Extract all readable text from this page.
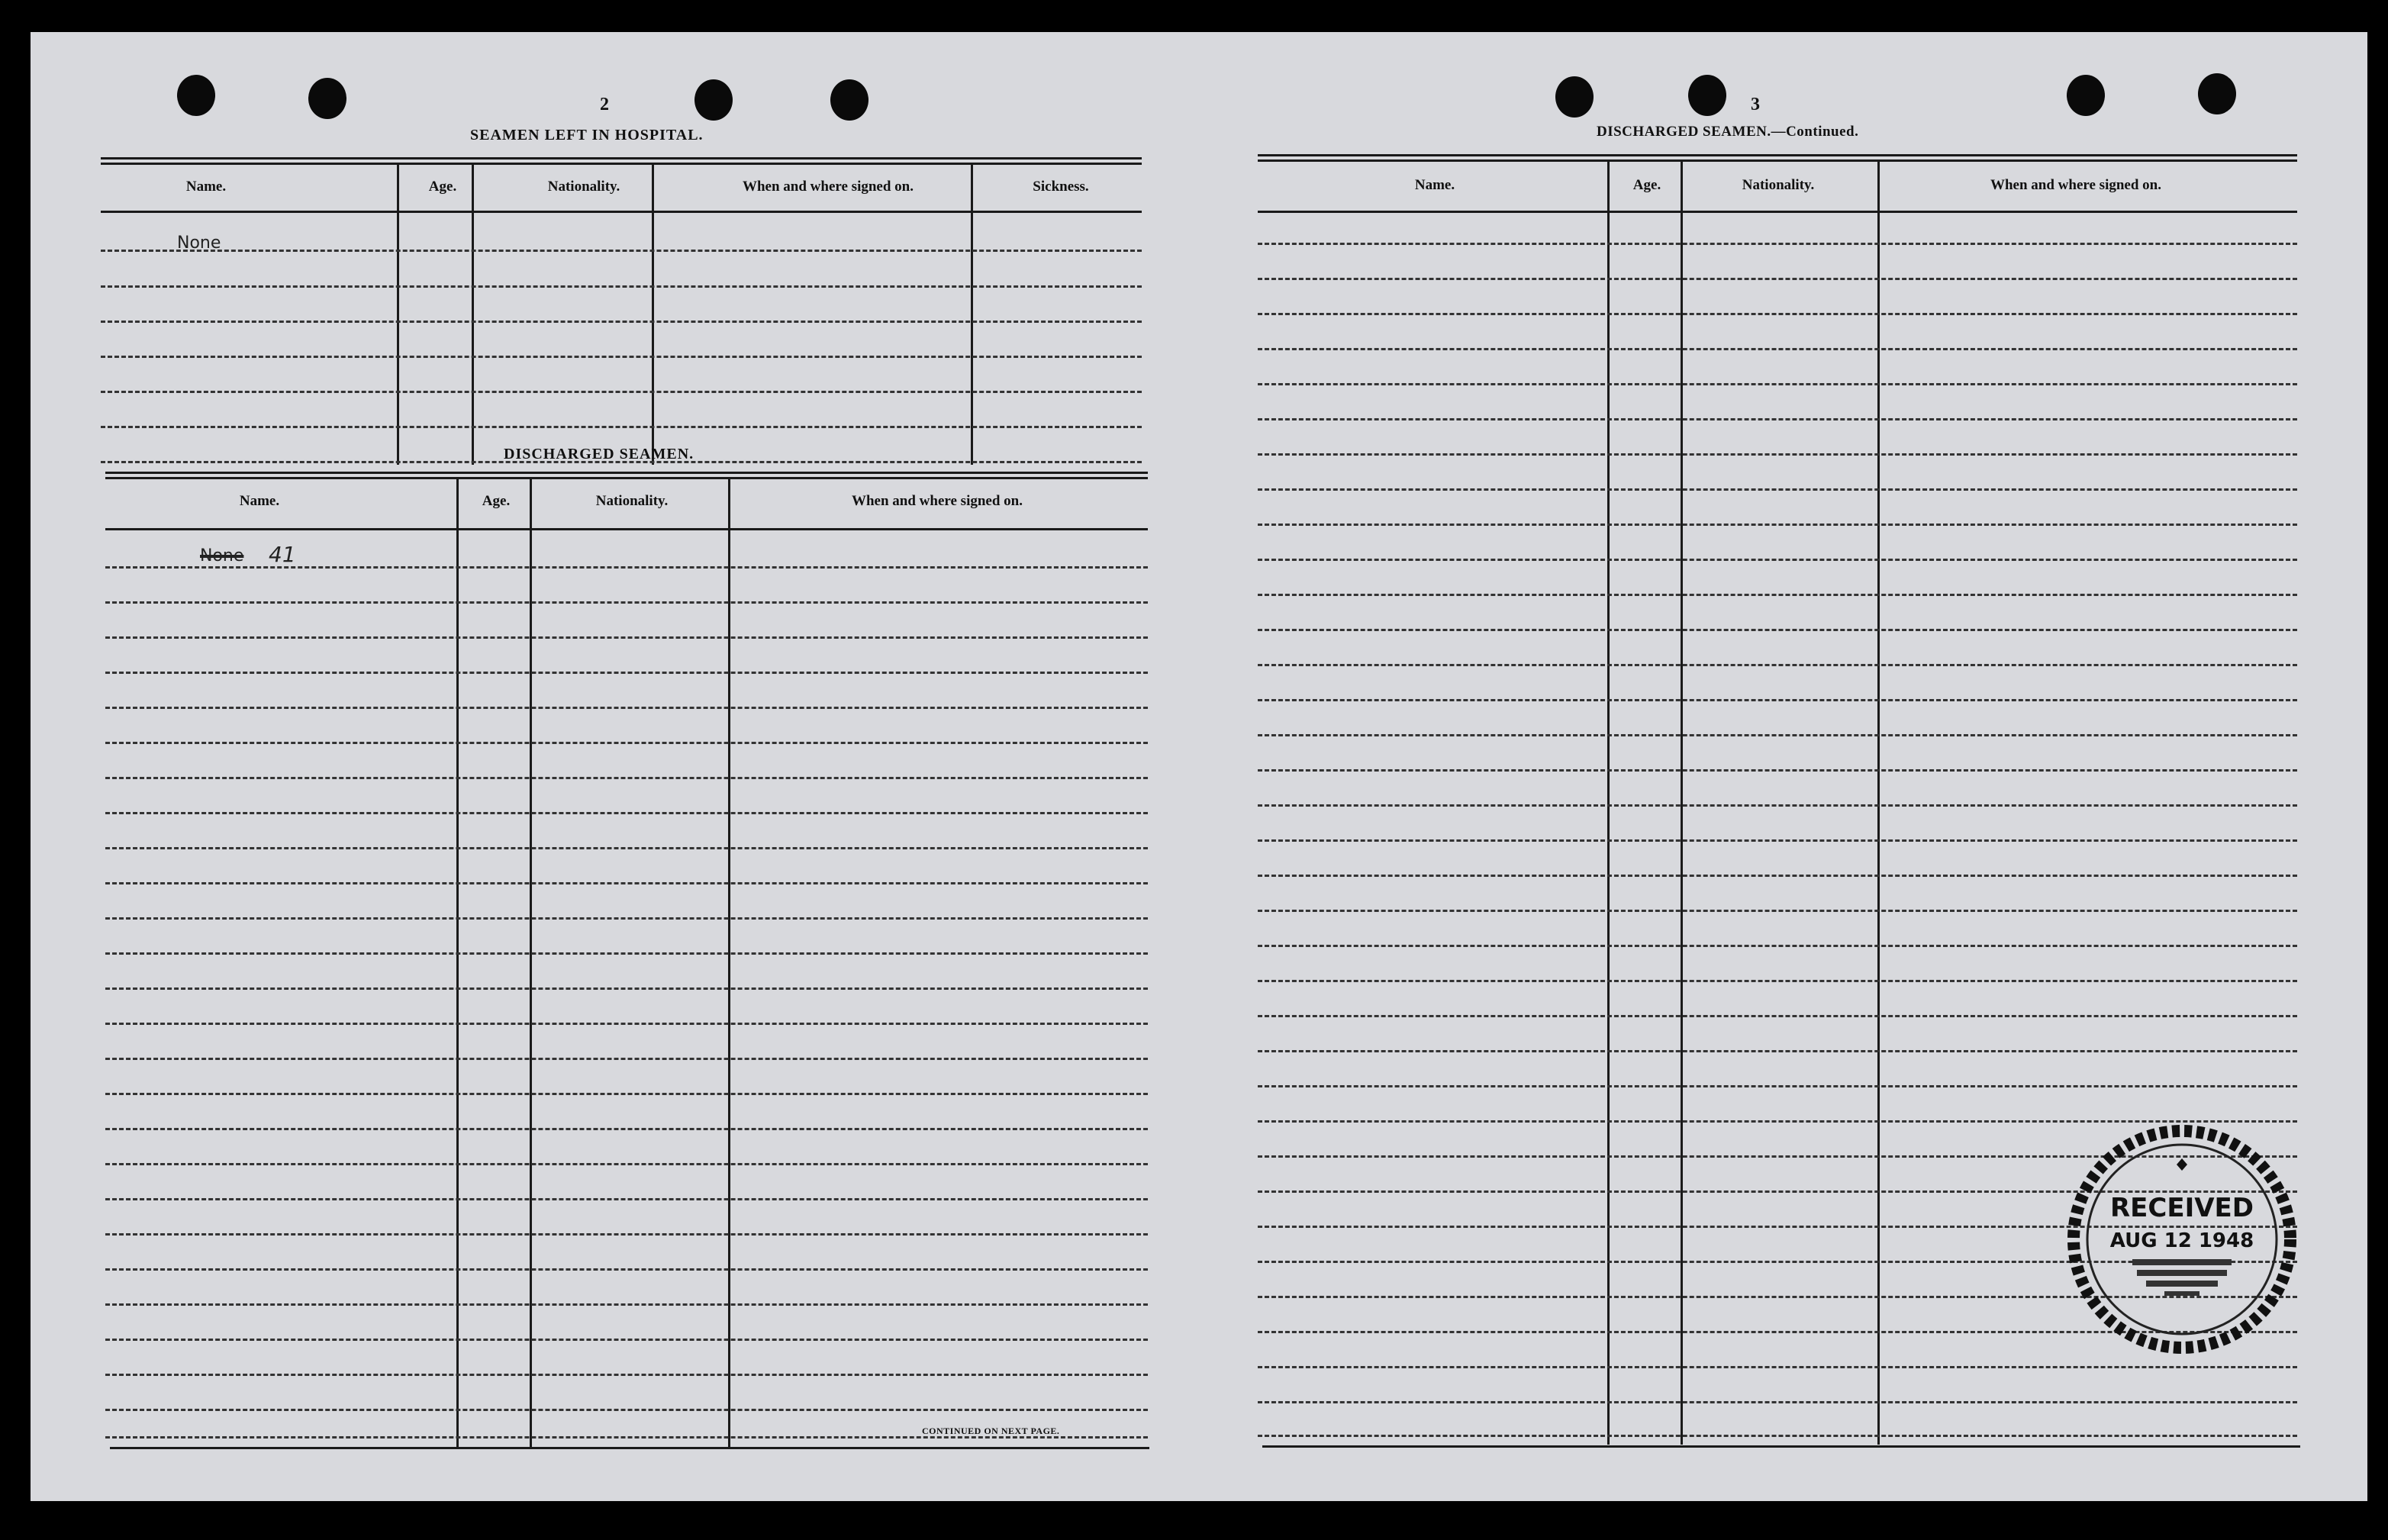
2
SEAMEN LEFT IN HOSPITAL.
Name.	Age.	Nationality.	When and where signed on.	Sickness.
None
DISCHARGED SEAMEN.
Name.	Age.	Nationality.	When and where signed on.
None 41
CONTINUED ON NEXT PAGE.
3
DISCHARGED SEAMEN.—Continued.
Name.	Age.	Nationality.	When and where signed on.
RECEIVED
AUG 12 1948
